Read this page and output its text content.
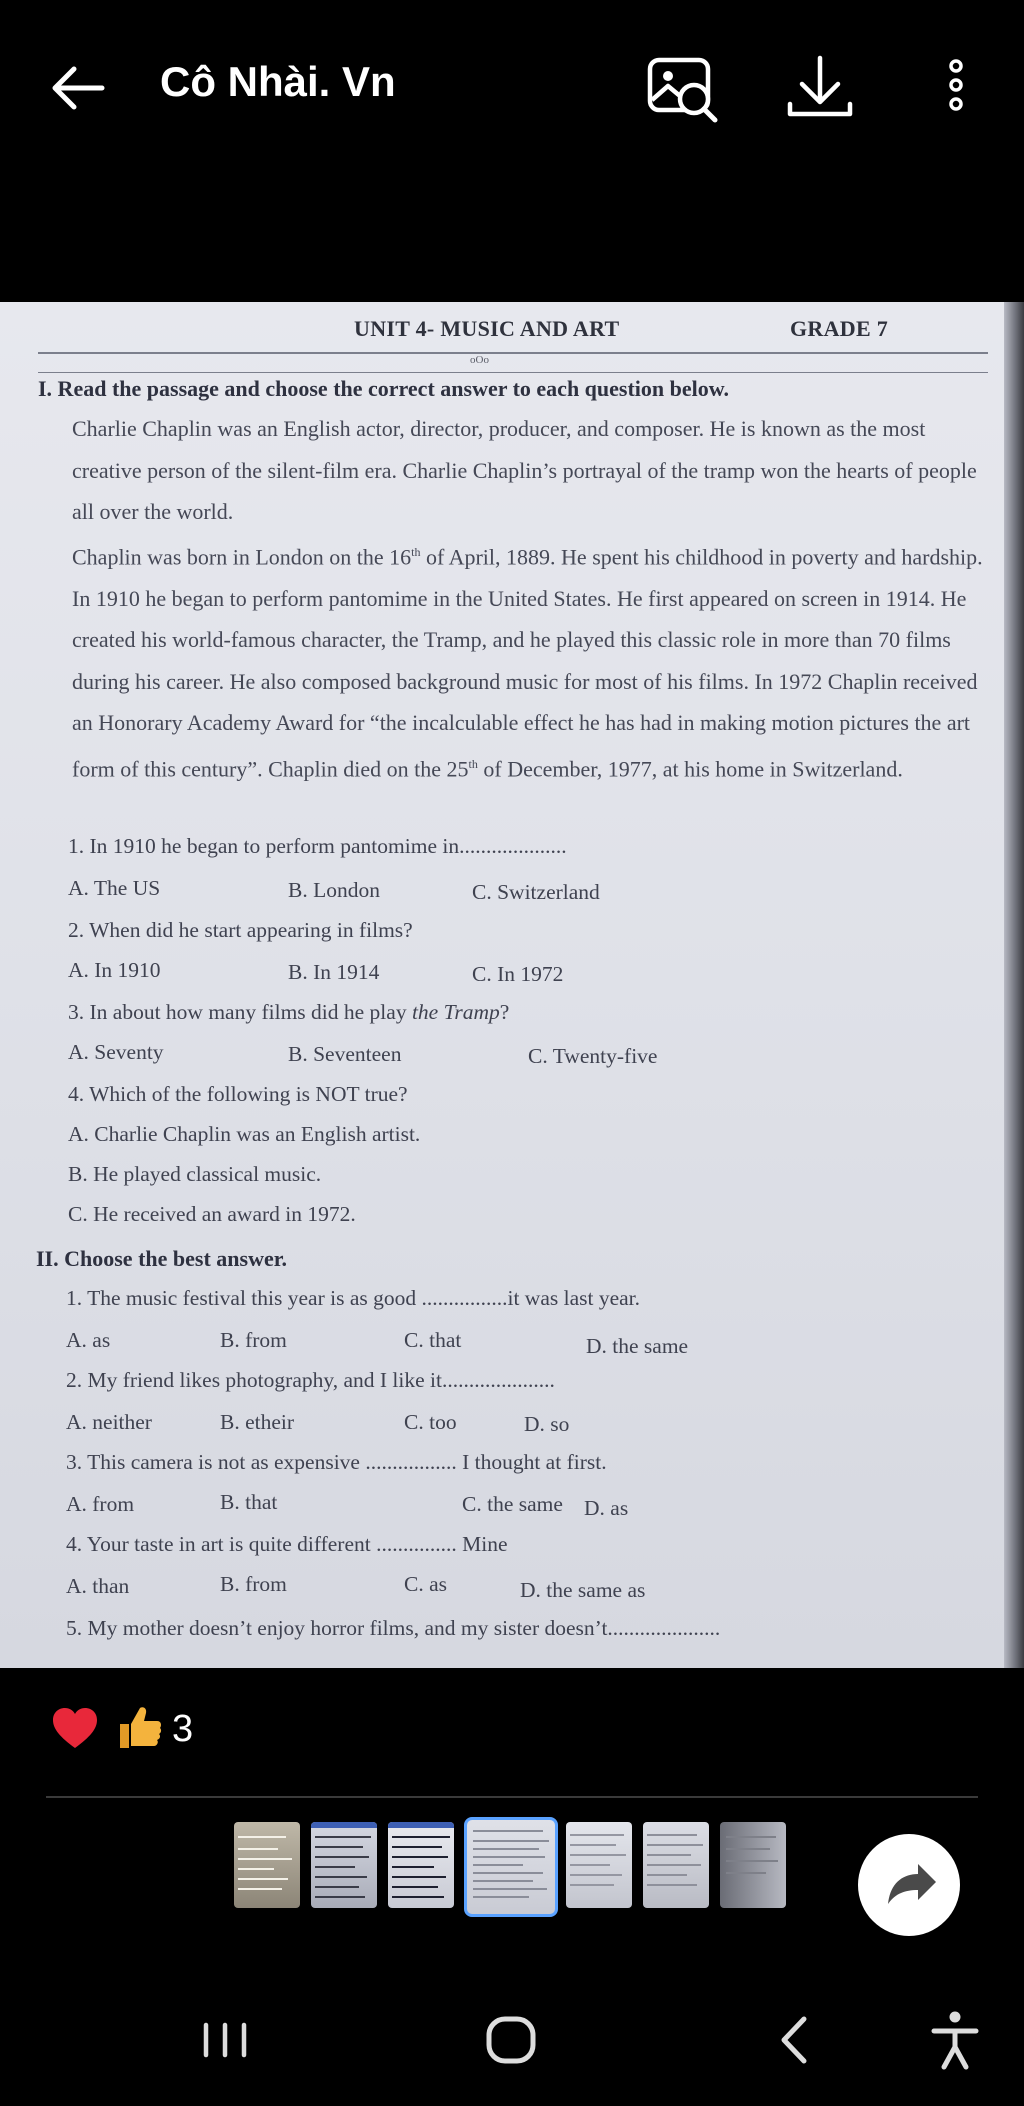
Cô Nhài. Vn
UNIT 4- MUSIC AND ART	GRADE 7
oOo
I. Read the passage and choose the correct answer to each question below.
Charlie Chaplin was an English actor, director, producer, and composer. He is known as the most creative person of the silent-film era. Charlie Chaplin’s portrayal of the tramp won the hearts of people all over the world.
Chaplin was born in London on the 16th of April, 1889. He spent his childhood in poverty and hardship. In 1910 he began to perform pantomime in the United States. He first appeared on screen in 1914. He created his world-famous character, the Tramp, and he played this classic role in more than 70 films during his career. He also composed background music for most of his films. In 1972 Chaplin received an Honorary Academy Award for “the incalculable effect he has had in making motion pictures the art form of this century”. Chaplin died on the 25th of December, 1977, at his home in Switzerland.
1. In 1910 he began to perform pantomime in....................
A. The US	B. London	C. Switzerland
2. When did he start appearing in films?
A. In 1910	B. In 1914	C. In 1972
3. In about how many films did he play the Tramp?
A. Seventy	B. Seventeen	C. Twenty-five
4. Which of the following is NOT true?
A. Charlie Chaplin was an English artist.
B. He played classical music.
C. He received an award in 1972.
II. Choose the best answer.
1. The music festival this year is as good ................it was last year.
A. as	B. from	C. that	D. the same
2. My friend likes photography, and I like it.....................
A. neither	B. etheir	C. too	D. so
3. This camera is not as expensive ................. I thought at first.
A. from	B. that	C. the same D. as
4. Your taste in art is quite different ............... Mine
A. than	B. from	C. as	D. the same as
5. My mother doesn’t enjoy horror films, and my sister doesn’t.....................
3
